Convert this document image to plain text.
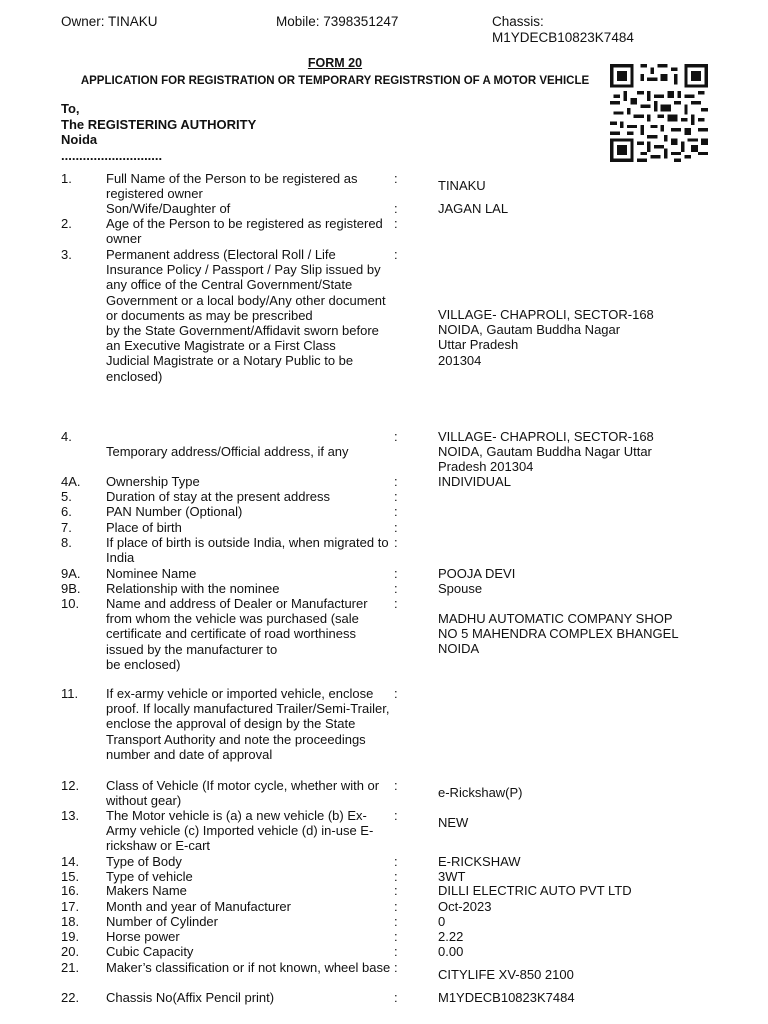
Owner: TINAKU	Mobile: 7398351247	Chassis:
M1YDECB10823K7484
FORM 20
APPLICATION FOR REGISTRATION OR TEMPORARY REGISTRSTION OF A MOTOR VEHICLE
To,
The REGISTERING AUTHORITY
Noida
............................
1.	Full Name of the Person to be registered as registered owner
:	TINAKU
Son/Wife/Daughter of	:	JAGAN LAL
2.	Age of the Person to be registered as registered owner
:
3.	Permanent address (Electoral Roll / Life Insurance Policy / Passport / Pay Slip issued by
any office of the Central Government/State Government or a local body/Any other document or documents as may be prescribed
by the State Government/Affidavit sworn before an Executive Magistrate or a First Class
Judicial Magistrate or a Notary Public to be enclosed)
:
VILLAGE- CHAPROLI, SECTOR-168
NOIDA, Gautam Buddha Nagar
Uttar Pradesh
201304
4.
Temporary address/Official address, if any
:	VILLAGE- CHAPROLI, SECTOR-168
NOIDA, Gautam Buddha Nagar Uttar
Pradesh 201304
4A. Ownership Type	:	INDIVIDUAL
5.	Duration of stay at the present address	:
6.	PAN Number (Optional)	:
7.	Place of birth	:
8.	If place of birth is outside India, when migrated to India
:
9A. Nominee Name	:	POOJA DEVI
9B. Relationship with the nominee	:	Spouse
10. Name and address of Dealer or Manufacturer from whom the vehicle was purchased (sale certificate and certificate of road worthiness issued by the manufacturer to
be enclosed)
:
MADHU AUTOMATIC COMPANY SHOP
NO 5 MAHENDRA COMPLEX BHANGEL
NOIDA
11. If ex-army vehicle or imported vehicle, enclose
proof. If locally manufactured Trailer/Semi-Trailer, enclose the approval of design by the State Transport Authority and note the proceedings number and date of approval
:
12. Class of Vehicle (If motor cycle, whether with or without gear)
:	e-Rickshaw(P)
13. The Motor vehicle is (a) a new vehicle (b) Ex-Army vehicle (c) Imported vehicle (d) in-use E-rickshaw or E-cart
:	NEW
14. Type of Body	:	E-RICKSHAW
15. Type of vehicle	:	3WT
16. Makers Name	:	DILLI ELECTRIC AUTO PVT LTD
17. Month and year of Manufacturer	:	Oct-2023
18. Number of Cylinder	:	0
19. Horse power	:	2.22
20. Cubic Capacity	:	0.00
21. Maker’s classification or if not known, wheel base :	CITYLIFE XV-850 2100
22. Chassis No(Affix Pencil print)	:	M1YDECB10823K7484
